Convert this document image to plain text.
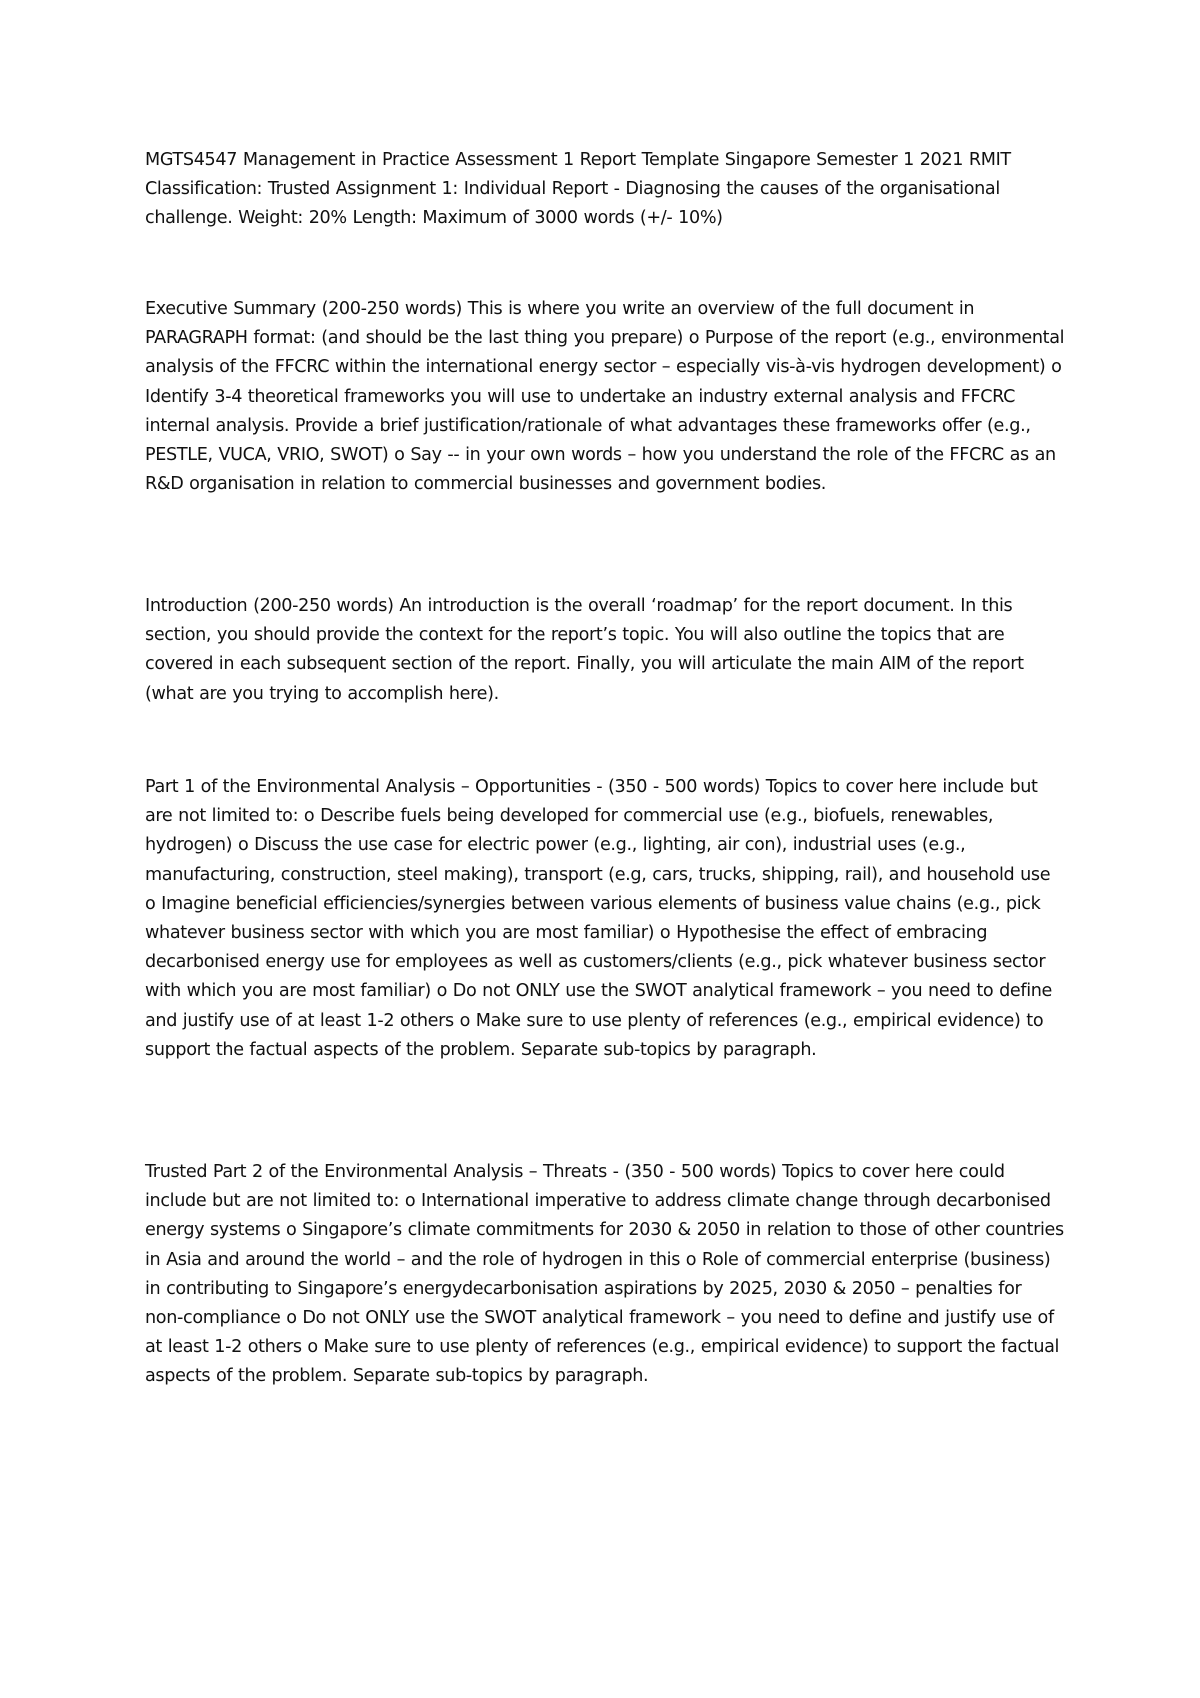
MGTS4547 Management in Practice Assessment 1 Report Template Singapore Semester 1 2021 RMIT Classification: Trusted Assignment 1: Individual Report - Diagnosing the causes of the organisational challenge. Weight: 20% Length: Maximum of 3000 words (+/- 10%)

Executive Summary (200-250 words) This is where you write an overview of the full document in PARAGRAPH format: (and should be the last thing you prepare) o Purpose of the report (e.g., environmental analysis of the FFCRC within the international energy sector – especially vis-à-vis hydrogen development) o Identify 3-4 theoretical frameworks you will use to undertake an industry external analysis and FFCRC internal analysis. Provide a brief justification/rationale of what advantages these frameworks offer (e.g., PESTLE, VUCA, VRIO, SWOT) o Say -- in your own words – how you understand the role of the FFCRC as an R&D organisation in relation to commercial businesses and government bodies.

Introduction (200-250 words) An introduction is the overall ‘roadmap’ for the report document. In this section, you should provide the context for the report’s topic. You will also outline the topics that are covered in each subsequent section of the report. Finally, you will articulate the main AIM of the report (what are you trying to accomplish here).

Part 1 of the Environmental Analysis – Opportunities - (350 - 500 words) Topics to cover here include but are not limited to: o Describe fuels being developed for commercial use (e.g., biofuels, renewables, hydrogen) o Discuss the use case for electric power (e.g., lighting, air con), industrial uses (e.g., manufacturing, construction, steel making), transport (e.g, cars, trucks, shipping, rail), and household use o Imagine beneficial efficiencies/synergies between various elements of business value chains (e.g., pick whatever business sector with which you are most familiar) o Hypothesise the effect of embracing decarbonised energy use for employees as well as customers/clients (e.g., pick whatever business sector with which you are most familiar) o Do not ONLY use the SWOT analytical framework – you need to define and justify use of at least 1-2 others o Make sure to use plenty of references (e.g., empirical evidence) to support the factual aspects of the problem. Separate sub-topics by paragraph.

Trusted Part 2 of the Environmental Analysis – Threats - (350 - 500 words) Topics to cover here could include but are not limited to: o International imperative to address climate change through decarbonised energy systems o Singapore’s climate commitments for 2030 & 2050 in relation to those of other countries in Asia and around the world – and the role of hydrogen in this o Role of commercial enterprise (business) in contributing to Singapore’s energydecarbonisation aspirations by 2025, 2030 & 2050 – penalties for non-compliance o Do not ONLY use the SWOT analytical framework – you need to define and justify use of at least 1-2 others o Make sure to use plenty of references (e.g., empirical evidence) to support the factual aspects of the problem. Separate sub-topics by paragraph.
